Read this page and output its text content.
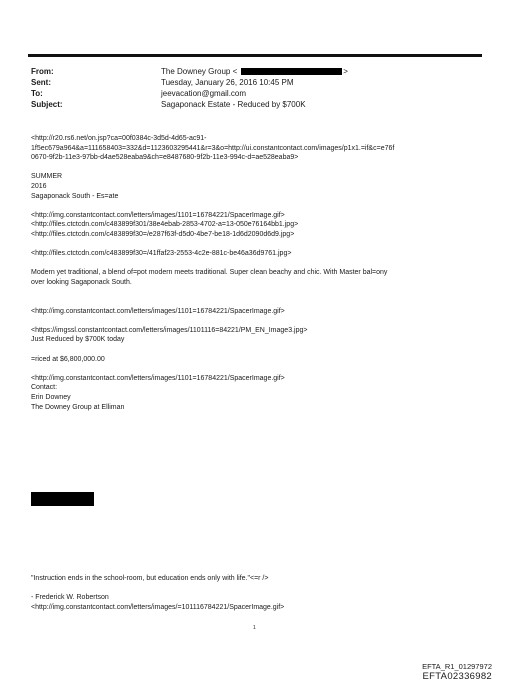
From:	The Downey Group <	>
Sent:	Tuesday, January 26, 2016 10:45 PM
To:	jeevacation@gmail.com
Subject:	Sagaponack Estate - Reduced by $700K

<http://r20.rs6.net/on.jsp?ca=00f0384c-3d5d-4d65-ac91-
1f5ec679a964&a=111658403=332&d=1123603295441&r=3&o=http://ui.constantcontact.com/images/p1x1.=if&c=e76f
0670-9f2b-11e3-97bb-d4ae528eaba9&ch=e8487680-9f2b-11e3-994c-d=ae528eaba9>

SUMMER
2016
Sagaponack South - Es=ate

<http://img.constantcontact.com/letters/images/1101=16784221/SpacerImage.gif>
<http://files.ctctcdn.com/c483899f301/38e4ebab-2853-4702-a=13-050e76164bb1.jpg>
<http://files.ctctcdn.com/c483899f30=/e287f63f-d5d0-4be7-be18-1d6d2090d6d9.jpg>

<http://files.ctctcdn.com/c483899f30=/41ffaf23-2553-4c2e-881c-be46a36d9761.jpg>

Modern yet traditional, a blend of=pot modern meets traditional. Super clean beachy and chic. With Master bal=ony
over looking Sagaponack South.

<http://img.constantcontact.com/letters/images/1101=16784221/SpacerImage.gif>

<https://imgssl.constantcontact.com/letters/images/1101116=84221/PM_EN_Image3.jpg>
Just Reduced by $700K today

=riced at $6,800,000.00

<http://img.constantcontact.com/letters/images/1101=16784221/SpacerImage.gif>
Contact:
Erin Downey
The Downey Group at Elliman

"Instruction ends in the school-room, but education ends only with life."<=r />

- Frederick W. Robertson
<http://img.constantcontact.com/letters/images/=101116784221/SpacerImage.gif>

1
EFTA_R1_01297972
EFTA02336982
